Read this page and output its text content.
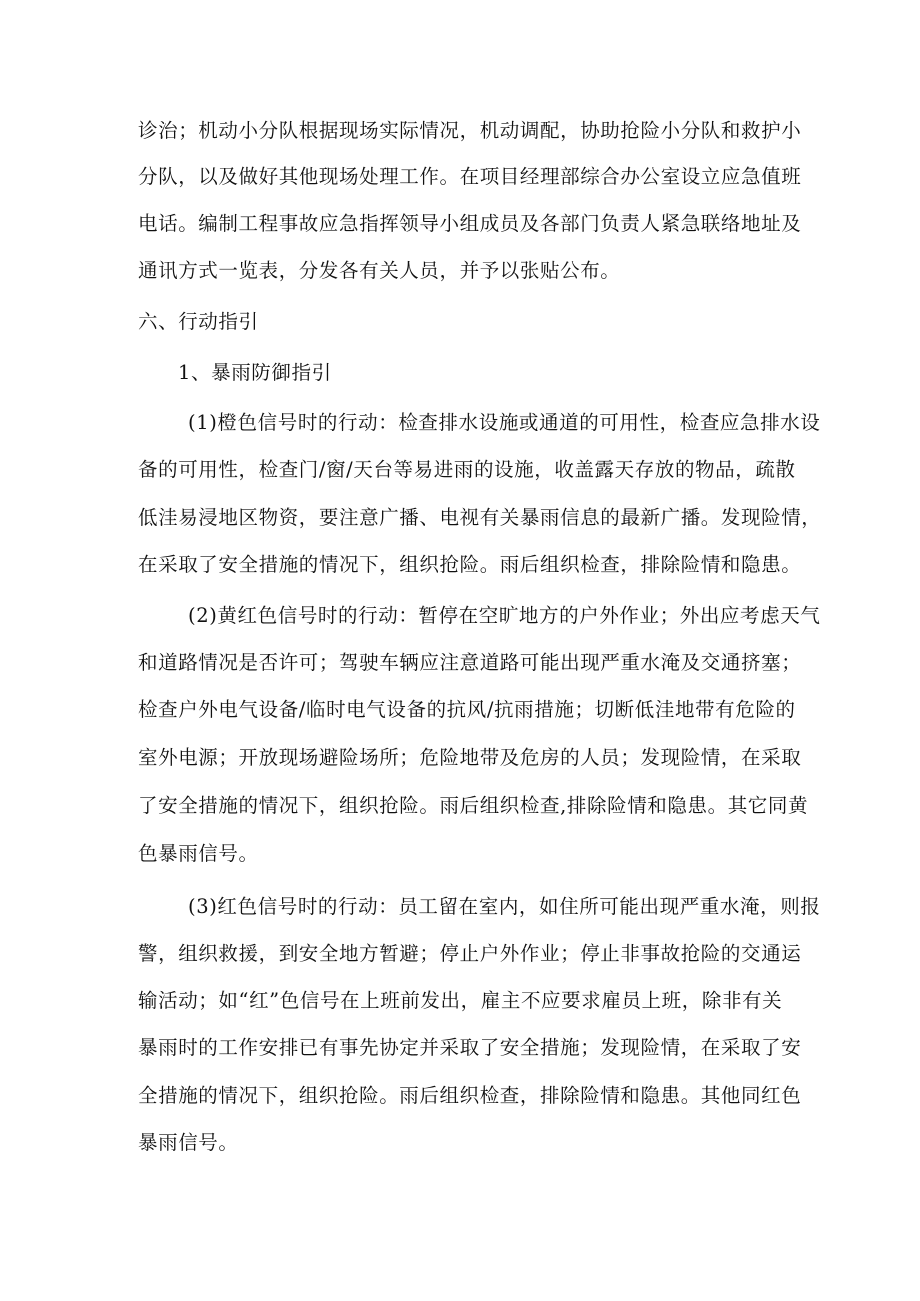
诊治；机动小分队根据现场实际情况，机动调配，协助抢险小分队和救护小
分队，以及做好其他现场处理工作。在项目经理部综合办公室设立应急值班
电话。编制工程事故应急指挥领导小组成员及各部门负责人紧急联络地址及
通讯方式一览表，分发各有关人员，并予以张贴公布。
六、行动指引
1、暴雨防御指引
(1)橙色信号时的行动：检查排水设施或通道的可用性，检查应急排水设
备的可用性，检查门/窗/天台等易进雨的设施，收盖露天存放的物品，疏散
低洼易浸地区物资，要注意广播、电视有关暴雨信息的最新广播。发现险情，
在采取了安全措施的情况下，组织抢险。雨后组织检查，排除险情和隐患。
(2)黄红色信号时的行动：暂停在空旷地方的户外作业；外出应考虑天气
和道路情况是否许可；驾驶车辆应注意道路可能出现严重水淹及交通挤塞；
检查户外电气设备/临时电气设备的抗风/抗雨措施；切断低洼地带有危险的
室外电源；开放现场避险场所；危险地带及危房的人员；发现险情，在采取
了安全措施的情况下，组织抢险。雨后组织检查,排除险情和隐患。其它同黄
色暴雨信号。
(3)红色信号时的行动：员工留在室内，如住所可能出现严重水淹，则报
警，组织救援，到安全地方暂避；停止户外作业；停止非事故抢险的交通运
输活动；如“红”色信号在上班前发出，雇主不应要求雇员上班，除非有关
暴雨时的工作安排已有事先协定并采取了安全措施；发现险情，在采取了安
全措施的情况下，组织抢险。雨后组织检查，排除险情和隐患。其他同红色
暴雨信号。
